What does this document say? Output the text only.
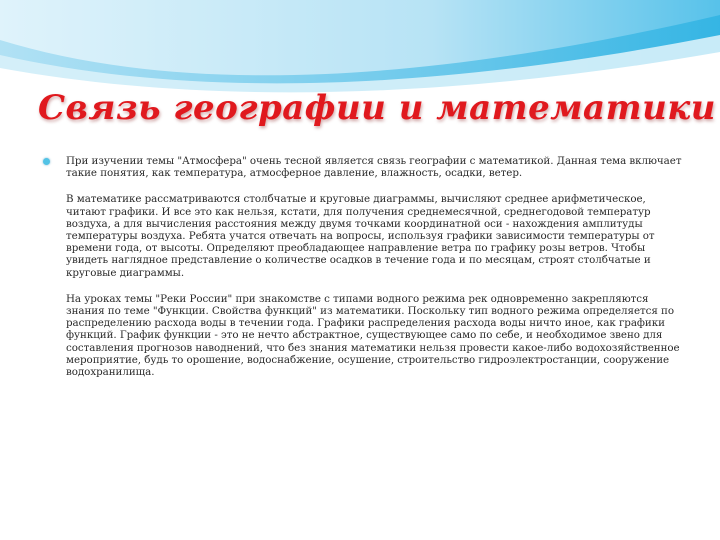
Связь географии и математики

При изучении темы "Атмосфера" очень тесной является связь географии с математикой. Данная тема включает такие понятия, как температура, атмосферное давление, влажность, осадки, ветер.

В математике рассматриваются столбчатые и круговые диаграммы, вычисляют среднее арифметическое, читают графики. И все это как нельзя, кстати, для получения среднемесячной, среднегодовой температур воздуха, а для вычисления расстояния между двумя точками координатной оси - нахождения амплитуды температуры воздуха. Ребята учатся отвечать на вопросы, используя графики зависимости температуры от времени года, от высоты. Определяют преобладающее направление ветра по графику розы ветров. Чтобы увидеть наглядное представление о количестве осадков в течение года и по месяцам, строят столбчатые и круговые диаграммы.

На уроках темы "Реки России" при знакомстве с типами водного режима рек одновременно закрепляются знания по теме "Функции. Свойства функций" из математики. Поскольку тип водного режима определяется по распределению расхода воды в течении года. Графики распределения расхода воды ничто иное, как графики функций. График функции - это не нечто абстрактное, существующее само по себе, и необходимое звено для составления прогнозов наводнений, что без знания математики нельзя провести какое-либо водохозяйственное мероприятие, будь то орошение, водоснабжение, осушение, строительство гидроэлектростанции, сооружение водохранилища.
